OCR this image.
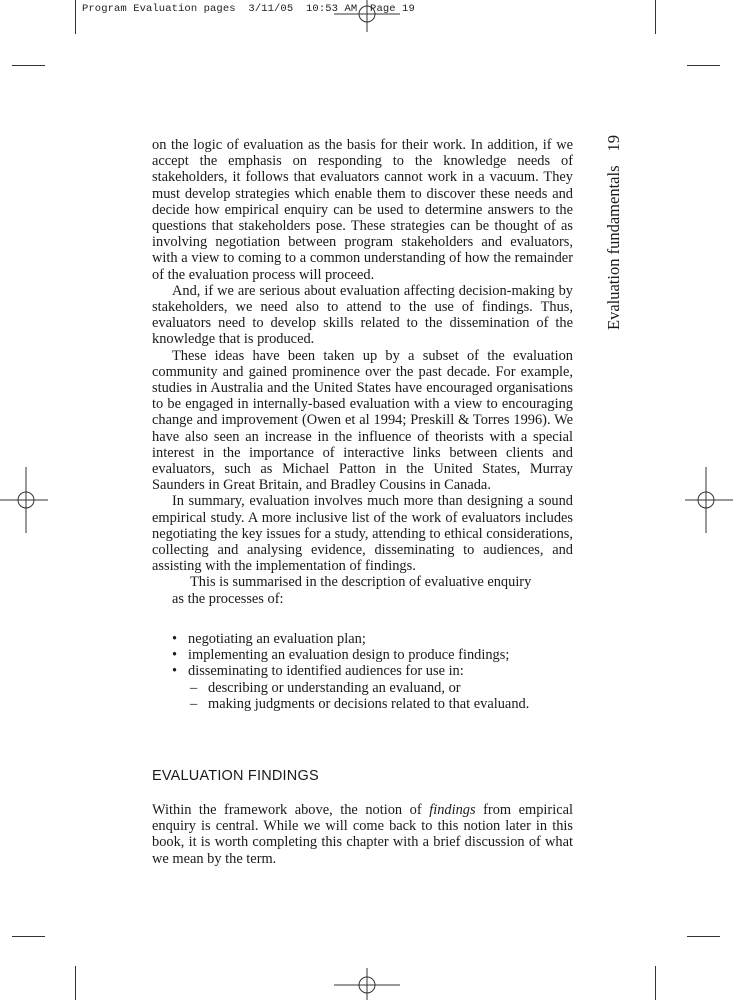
Program Evaluation pages  3/11/05  10:53 AM  Page 19
Evaluation fundamentals19

on the logic of evaluation as the basis for their work. In addition, if we accept the emphasis on responding to the knowledge needs of stakeholders, it follows that evaluators cannot work in a vacuum. They must develop strategies which enable them to discover these needs and decide how empirical enquiry can be used to determine answers to the questions that stakeholders pose. These strategies can be thought of as involving negotiation between program stakeholders and evaluators, with a view to coming to a common understanding of how the remainder of the evaluation process will proceed.

And, if we are serious about evaluation affecting decision-making by stakeholders, we need also to attend to the use of findings. Thus, evaluators need to develop skills related to the dissemination of the knowledge that is produced.

These ideas have been taken up by a subset of the evaluation community and gained prominence over the past decade. For example, studies in Australia and the United States have encouraged organisations to be engaged in internally-based evaluation with a view to encouraging change and improvement (Owen et al 1994; Preskill & Torres 1996). We have also seen an increase in the influence of theorists with a special interest in the importance of interactive links between clients and evaluators, such as Michael Patton in the United States, Murray Saunders in Great Britain, and Bradley Cousins in Canada.

In summary, evaluation involves much more than designing a sound empirical study. A more inclusive list of the work of evaluators includes negotiating the key issues for a study, attending to ethical considerations, collecting and analysing evidence, disseminating to audiences, and assisting with the implementation of findings.

This is summarised in the description of evaluative enquiry
as the processes of:

• negotiating an evaluation plan;
• implementing an evaluation design to produce findings;
• disseminating to identified audiences for use in:
– describing or understanding an evaluand, or
– making judgments or decisions related to that evaluand.
EVALUATION FINDINGS

Within the framework above, the notion of findings from empirical enquiry is central. While we will come back to this notion later in this book, it is worth completing this chapter with a brief discussion of what we mean by the term.
